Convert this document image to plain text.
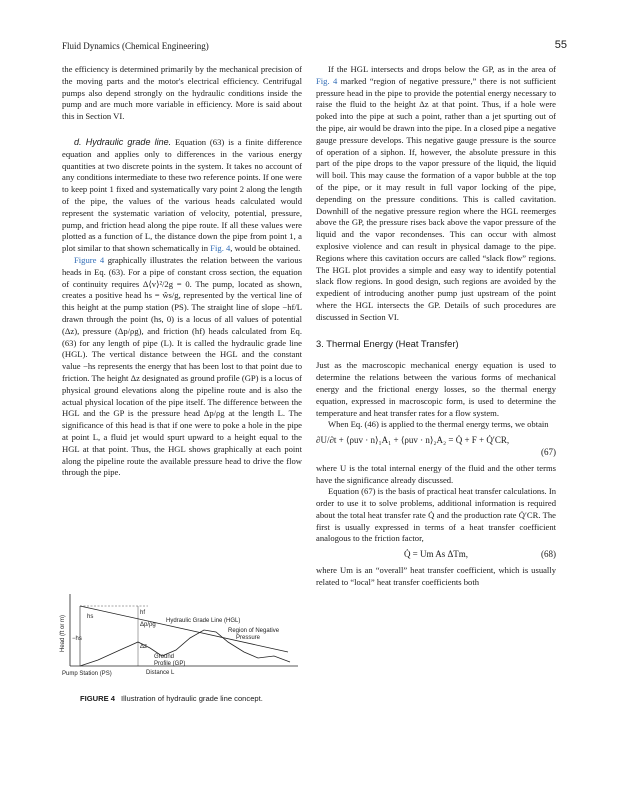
Fluid Dynamics (Chemical Engineering)	55

the efficiency is determined primarily by the mechanical precision of the moving parts and the motor's electrical efficiency. Centrifugal pumps also depend strongly on the hydraulic conditions inside the pump and are much more variable in efficiency. More is said about this in Section VI.

d. Hydraulic grade line. Equation (63) is a finite difference equation and applies only to differences in the various energy quantities at two discrete points in the system. It takes no account of any conditions intermediate to these two reference points. If one were to keep point 1 fixed and systematically vary point 2 along the length of the pipe, the values of the various heads calculated would represent the systematic variation of velocity, potential, pressure, pump, and friction head along the pipe route. If all these values were plotted as a function of L, the distance down the pipe from point 1, a plot similar to that shown schematically in Fig. 4, would be obtained.

Figure 4 graphically illustrates the relation between the various heads in Eq. (63). For a pipe of constant cross section, the equation of continuity requires Δ⟨v⟩²/2g = 0. The pump, located as shown, creates a positive head hs = ŵs/g, represented by the vertical line of this height at the pump station (PS). The straight line of slope −hf/L drawn through the point (hs, 0) is a locus of all values of potential (Δz), pressure (Δp/ρg), and friction (hf) heads calculated from Eq. (63) for any length of pipe (L). It is called the hydraulic grade line (HGL). The vertical distance between the HGL and the constant value −hs represents the energy that has been lost to that point due to friction. The height Δz designated as ground profile (GP) is a locus of physical ground elevations along the pipeline route and is also the actual physical location of the pipe itself. The difference between the HGL and the GP is the pressure head Δp/ρg at the length L. The significance of this head is that if one were to poke a hole in the pipe at point L, a fluid jet would spurt upward to a height equal to the HGL at that point. Thus, the HGL shows graphically at each point along the pipeline route the available pressure head to drive the flow through the pipe.

If the HGL intersects and drops below the GP, as in the area of Fig. 4 marked “region of negative pressure,” there is not sufficient pressure head in the pipe to provide the potential energy necessary to raise the fluid to the height Δz at that point. Thus, if a hole were poked into the pipe at such a point, rather than a jet spurting out of the pipe, air would be drawn into the pipe. In a closed pipe a negative gauge pressure develops. This negative gauge pressure is the source of operation of a siphon. If, however, the absolute pressure in this part of the pipe drops to the vapor pressure of the liquid, the liquid will boil. This may cause the formation of a vapor bubble at the top of the pipe, or it may result in full vapor locking of the pipe, depending on the pressure conditions. This is called cavitation. Downhill of the negative pressure region where the HGL reemerges above the GP, the pressure rises back above the vapor pressure of the liquid and the vapor recondenses. This can occur with almost explosive violence and can result in physical damage to the pipe. Regions where this cavitation occurs are called “slack flow” regions. The HGL plot provides a simple and easy way to identify potential slack flow regions. In good design, such regions are avoided by the expedient of introducing another pump just upstream of the point where the HGL intersects the GP. Details of such procedures are discussed in Section VI.

3. Thermal Energy (Heat Transfer)

Just as the macroscopic mechanical energy equation is used to determine the relations between the various forms of mechanical energy and the frictional energy losses, so the thermal energy equation, expressed in macroscopic form, is used to determine the temperature and heat transfer rates for a flow system.

When Eq. (46) is applied to the thermal energy terms, we obtain

∂U/∂t + ⟨ρuv · n⟩₁A₁ + ⟨ρuv · n⟩₂A₂ = Q̇ + F + Q̇′CR,
(67)

where U is the total internal energy of the fluid and the other terms have the significance already discussed.

Equation (67) is the basis of practical heat transfer calculations. In order to use it to solve problems, additional information is required about the total heat transfer rate Q̇ and the production rate Q̇′CR. The first is usually expressed in terms of a heat transfer coefficient analogous to the friction factor,

Q̇ = Um As ΔTm,	(68)

where Um is an “overall” heat transfer coefficient, which is usually related to “local” heat transfer coefficients both

Head (ft or m)	hs
hf
Δp/ρg
Δz
−hs
Hydraulic Grade Line (HGL)
Region of Negative
Pressure
Ground
Profile (GP)
Pump Station (PS)	Distance L
FIGURE 4 Illustration of hydraulic grade line concept.
